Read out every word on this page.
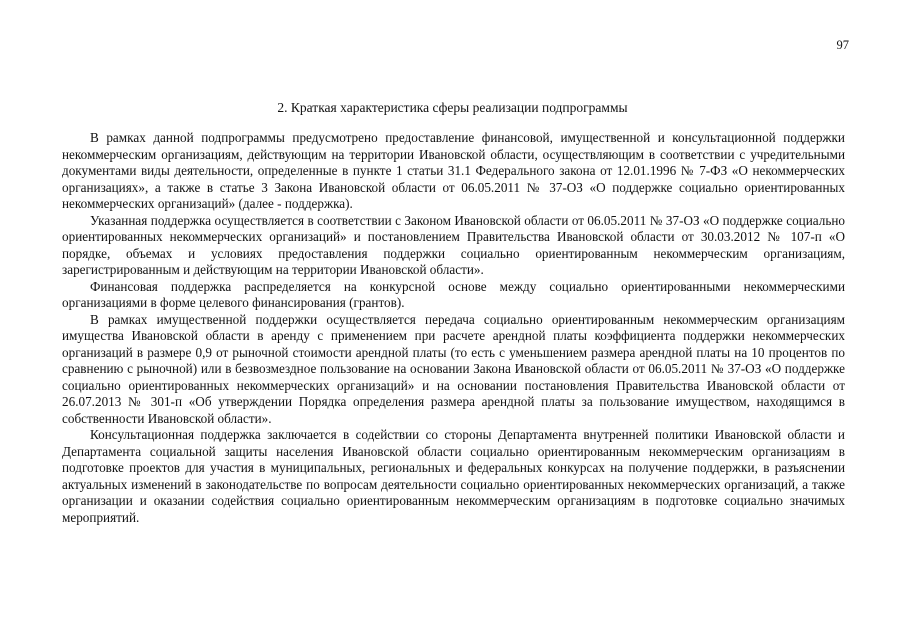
97
2. Краткая характеристика сферы реализации подпрограммы

В рамках данной подпрограммы предусмотрено предоставление финансовой, имущественной и консультационной поддержки некоммерческим организациям, действующим на территории Ивановской области, осуществляющим в соответствии с учредительными документами виды деятельности, определенные в пункте 1 статьи 31.1 Федерального закона от 12.01.1996 № 7-ФЗ «О некоммерческих организациях», а также в статье 3 Закона Ивановской области от 06.05.2011 № 37-ОЗ «О поддержке социально ориентированных некоммерческих организаций» (далее - поддержка).

Указанная поддержка осуществляется в соответствии с Законом Ивановской области от 06.05.2011 № 37-ОЗ «О поддержке социально ориентированных некоммерческих организаций» и постановлением Правительства Ивановской области от 30.03.2012 № 107-п «О порядке, объемах и условиях предоставления поддержки социально ориентированным некоммерческим организациям, зарегистрированным и действующим на территории Ивановской области».

Финансовая поддержка распределяется на конкурсной основе между социально ориентированными некоммерческими организациями в форме целевого финансирования (грантов).

В рамках имущественной поддержки осуществляется передача социально ориентированным некоммерческим организациям имущества Ивановской области в аренду с применением при расчете арендной платы коэффициента поддержки некоммерческих организаций в размере 0,9 от рыночной стоимости арендной платы (то есть с уменьшением размера арендной платы на 10 процентов по сравнению с рыночной) или в безвозмездное пользование на основании Закона Ивановской области от 06.05.2011 № 37-ОЗ «О поддержке социально ориентированных некоммерческих организаций» и на основании постановления Правительства Ивановской области от 26.07.2013 № 301-п «Об утверждении Порядка определения размера арендной платы за пользование имуществом, находящимся в собственности Ивановской области».

Консультационная поддержка заключается в содействии со стороны Департамента внутренней политики Ивановской области и Департамента социальной защиты населения Ивановской области социально ориентированным некоммерческим организациям в подготовке проектов для участия в муниципальных, региональных и федеральных конкурсах на получение поддержки, в разъяснении актуальных изменений в законодательстве по вопросам деятельности социально ориентированных некоммерческих организаций, а также организации и оказании содействия социально ориентированным некоммерческим организациям в подготовке социально значимых мероприятий.
